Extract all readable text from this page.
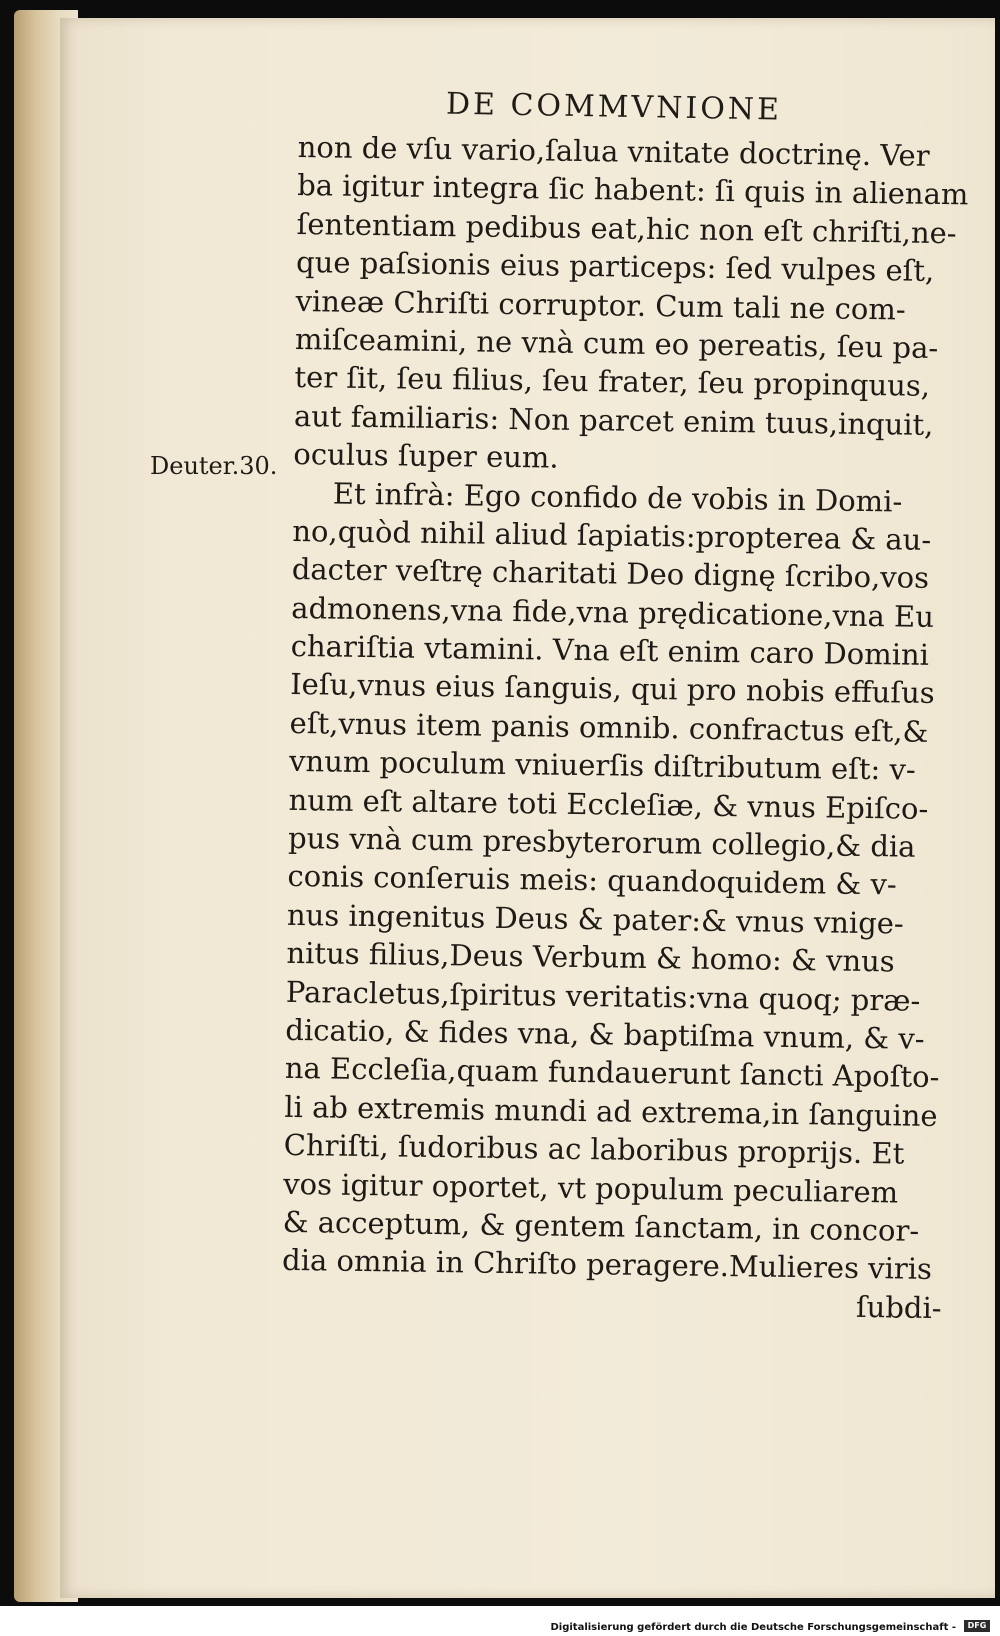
DE COMMVNIONE
Deuter.30.
non de vſu vario,ſalua vnitate doctrinę. Ver
ba igitur integra ſic habent: ſi quis in alienam
ſententiam pedibus eat,hic non eſt chriſti,ne-
que paſsionis eius particeps: ſed vulpes eſt,
vineæ Chriſti corruptor. Cum tali ne com-
miſceamini, ne vnà cum eo pereatis, ſeu pa-
ter ſit, ſeu filius, ſeu frater, ſeu propinquus,
aut familiaris: Non parcet enim tuus,inquit,
oculus ſuper eum.
Et infrà: Ego confido de vobis in Domi-
no,quòd nihil aliud ſapiatis:propterea & au-
dacter veſtrę charitati Deo dignę ſcribo,vos
admonens,vna fide,vna prędicatione,vna Eu
chariſtia vtamini. Vna eſt enim caro Domini
Ieſu,vnus eius ſanguis, qui pro nobis effuſus
eſt,vnus item panis omnib. confractus eſt,&
vnum poculum vniuerſis diſtributum eſt: v-
num eſt altare toti Eccleſiæ, & vnus Epiſco-
pus vnà cum presbyterorum collegio,& dia
conis conſeruis meis: quandoquidem & v-
nus ingenitus Deus & pater:& vnus vnige-
nitus filius,Deus Verbum & homo: & vnus
Paracletus,ſpiritus veritatis:vna quoq; præ-
dicatio, & fides vna, & baptiſma vnum, & v-
na Eccleſia,quam fundauerunt ſancti Apoſto-
li ab extremis mundi ad extrema,in ſanguine
Chriſti, ſudoribus ac laboribus proprijs. Et
vos igitur oportet, vt populum peculiarem
& acceptum, & gentem ſanctam, in concor-
dia omnia in Chriſto peragere.Mulieres viris
ſubdi-
Digitalisierung gefördert durch die Deutsche Forschungsgemeinschaft -	DFG
